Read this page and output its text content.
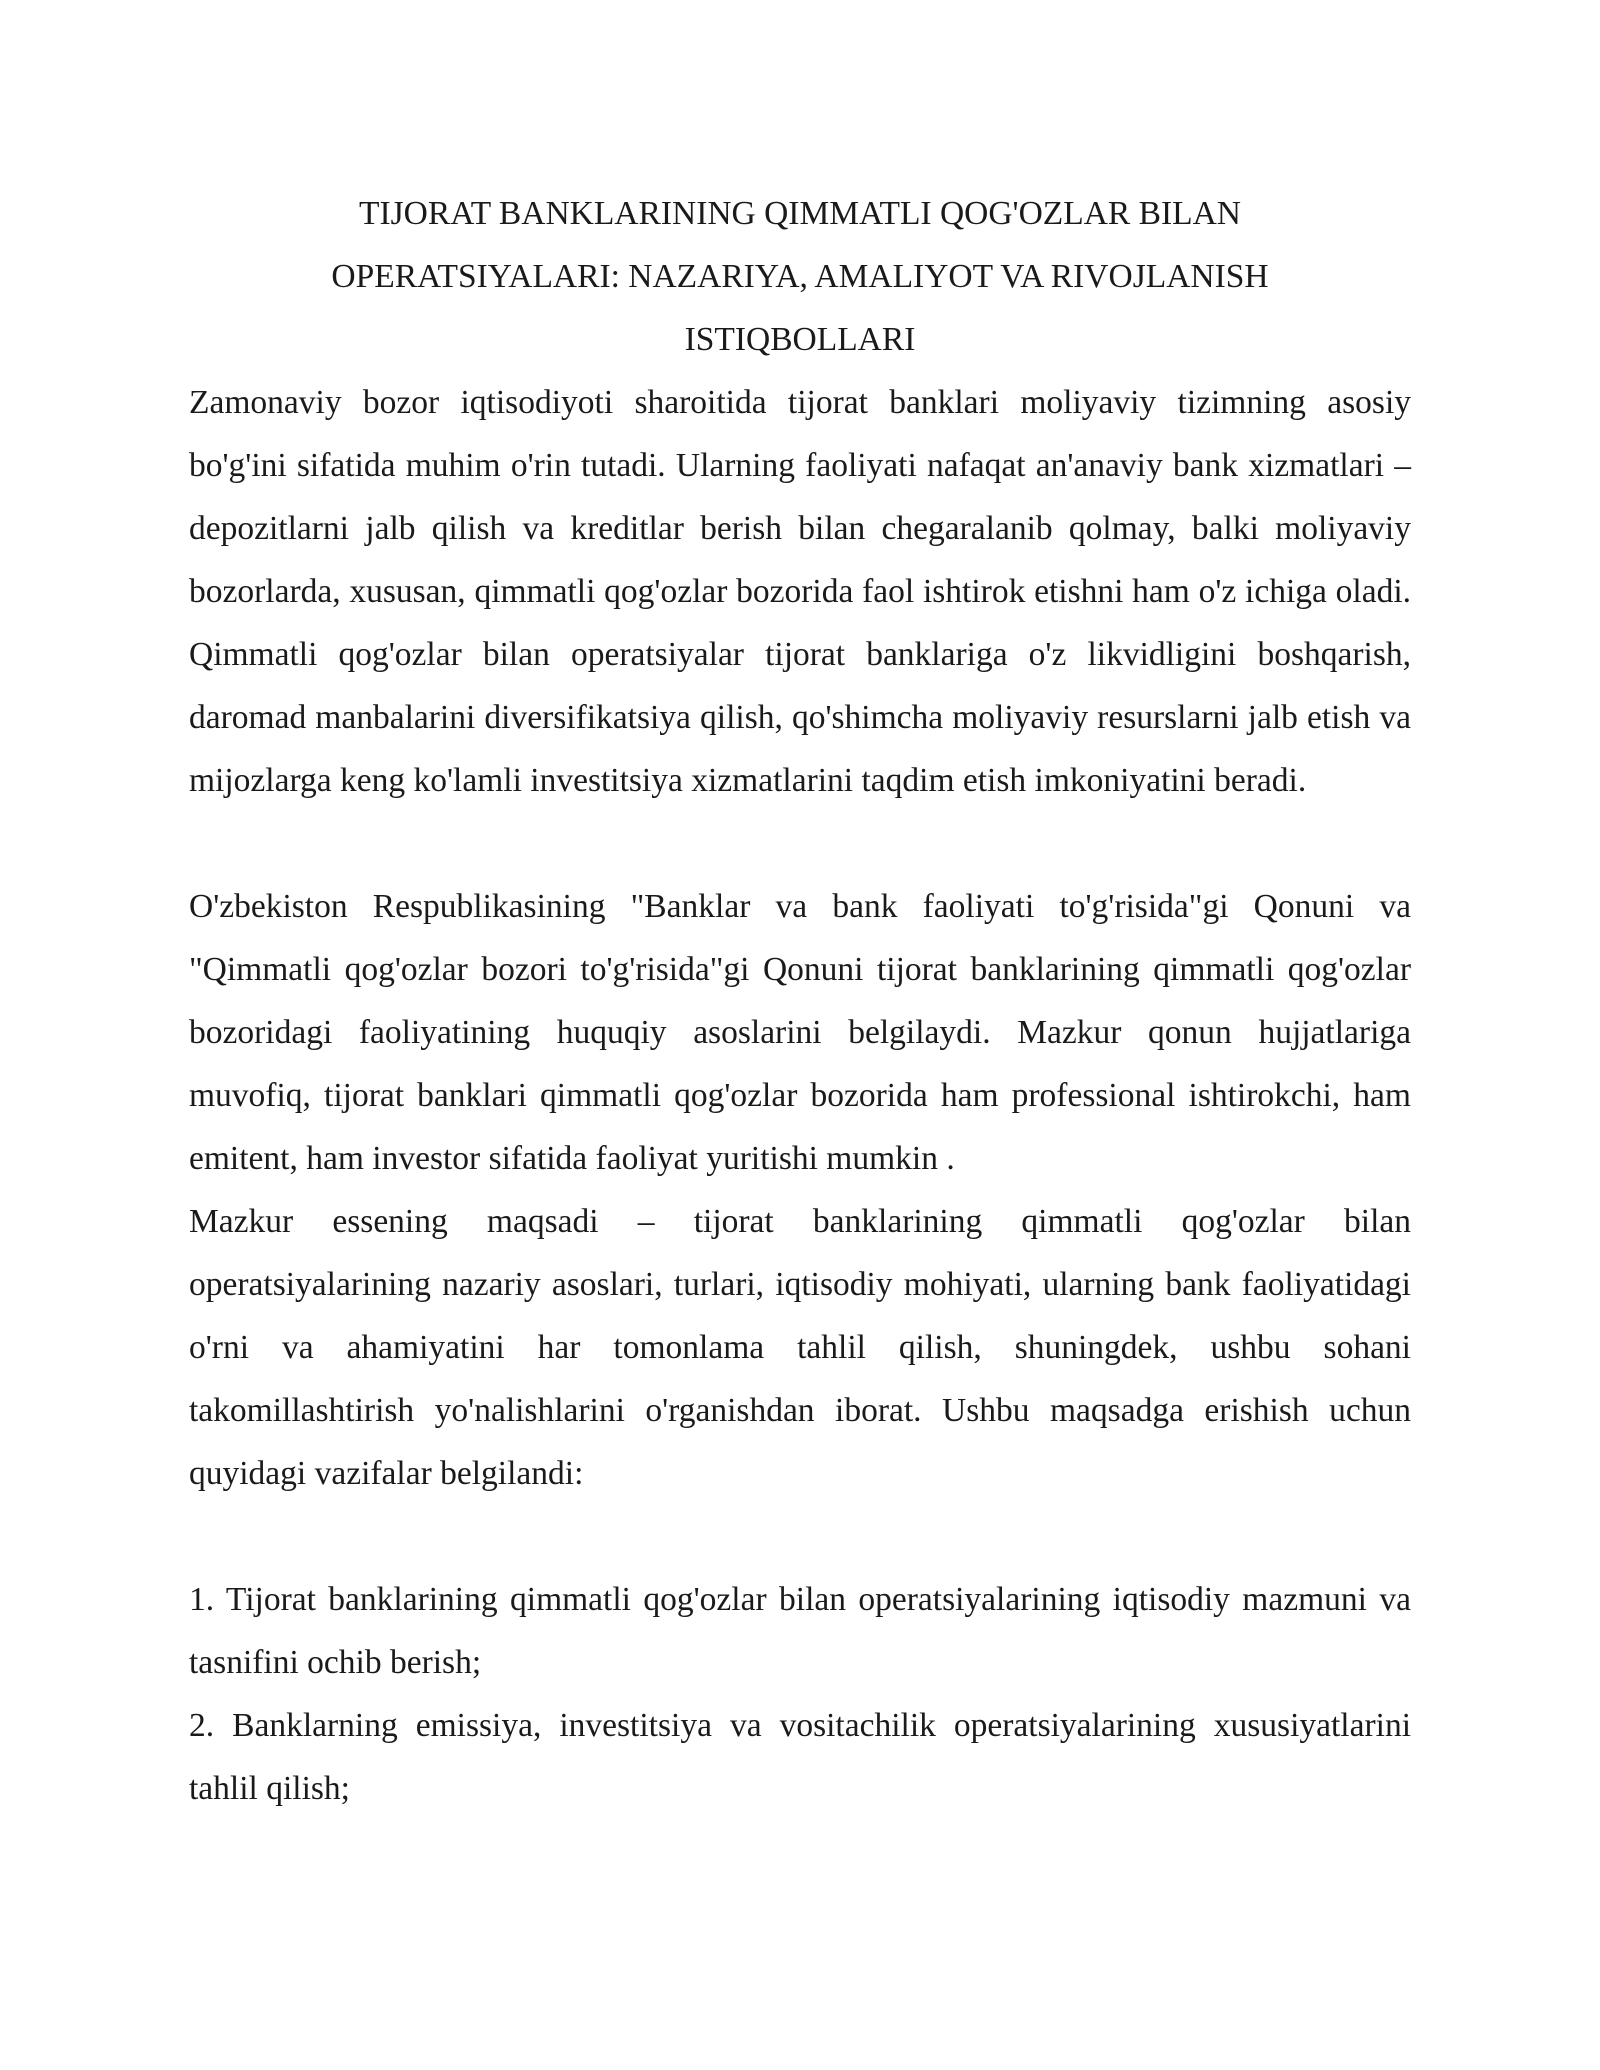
TIJORAT BANKLARINING QIMMATLI QOG'OZLAR BILAN OPERATSIYALARI: NAZARIYA, AMALIYOT VA RIVOJLANISH ISTIQBOLLARI

Zamonaviy bozor iqtisodiyoti sharoitida tijorat banklari moliyaviy tizimning asosiy bo'g'ini sifatida muhim o'rin tutadi. Ularning faoliyati nafaqat an'anaviy bank xizmatlari – depozitlarni jalb qilish va kreditlar berish bilan chegaralanib qolmay, balki moliyaviy bozorlarda, xususan, qimmatli qog'ozlar bozorida faol ishtirok etishni ham o'z ichiga oladi. Qimmatli qog'ozlar bilan operatsiyalar tijorat banklariga o'z likvidligini boshqarish, daromad manbalarini diversifikatsiya qilish, qo'shimcha moliyaviy resurslarni jalb etish va mijozlarga keng ko'lamli investitsiya xizmatlarini taqdim etish imkoniyatini beradi.

O'zbekiston Respublikasining "Banklar va bank faoliyati to'g'risida"gi Qonuni va "Qimmatli qog'ozlar bozori to'g'risida"gi Qonuni tijorat banklarining qimmatli qog'ozlar bozoridagi faoliyatining huquqiy asoslarini belgilaydi. Mazkur qonun hujjatlariga muvofiq, tijorat banklari qimmatli qog'ozlar bozorida ham professional ishtirokchi, ham emitent, ham investor sifatida faoliyat yuritishi mumkin .

Mazkur essening maqsadi – tijorat banklarining qimmatli qog'ozlar bilan operatsiyalarining nazariy asoslari, turlari, iqtisodiy mohiyati, ularning bank faoliyatidagi o'rni va ahamiyatini har tomonlama tahlil qilish, shuningdek, ushbu sohani takomillashtirish yo'nalishlarini o'rganishdan iborat. Ushbu maqsadga erishish uchun quyidagi vazifalar belgilandi:

1. Tijorat banklarining qimmatli qog'ozlar bilan operatsiyalarining iqtisodiy mazmuni va tasnifini ochib berish;

2. Banklarning emissiya, investitsiya va vositachilik operatsiyalarining xususiyatlarini tahlil qilish;
